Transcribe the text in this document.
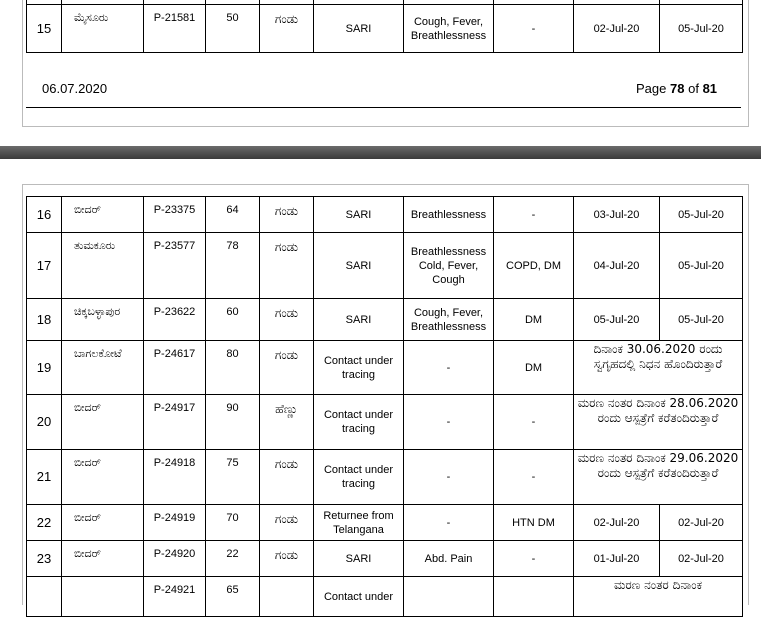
15	ಮೈಸೂರು	P-21581	50	ಗಂಡು	SARI	Cough, Fever, Breathlessness	-	02-Jul-20	05-Jul-20
06.07.2020	Page 78 of 81
16	ಬೀದರ್	P-23375	64	ಗಂಡು	SARI	Breathlessness	-	03-Jul-20	05-Jul-20
17	ತುಮಕೂರು	P-23577	78	ಗಂಡು	SARI	Breathlessness Cold, Fever, Cough	COPD, DM	04-Jul-20	05-Jul-20
18	ಚಿಕ್ಕಬಳ್ಳಾಪುರ	P-23622	60	ಗಂಡು	SARI	Cough, Fever, Breathlessness	DM	05-Jul-20	05-Jul-20
19	ಬಾಗಲಕೋಟೆ	P-24617	80	ಗಂಡು	Contact under tracing	-	DM	ದಿನಾಂಕ 30.06.2020 ರಂದು ಸ್ವಗೃಹದಲ್ಲಿ ನಿಧನ ಹೊಂದಿರುತ್ತಾರೆ	
20	ಬೀದರ್	P-24917	90	ಹೆಣ್ಣು	Contact under tracing	-	-	ಮರಣ ನಂತರ ದಿನಾಂಕ 28.06.2020 ರಂದು ಆಸ್ಪತ್ರೆಗೆ ಕರೆತಂದಿರುತ್ತಾರೆ	
21	ಬೀದರ್	P-24918	75	ಗಂಡು	Contact under tracing	-	-	ಮರಣ ನಂತರ ದಿನಾಂಕ 29.06.2020 ರಂದು ಆಸ್ಪತ್ರೆಗೆ ಕರೆತಂದಿರುತ್ತಾರೆ	
22	ಬೀದರ್	P-24919	70	ಗಂಡು	Returnee from Telangana	-	HTN DM	02-Jul-20	02-Jul-20
23	ಬೀದರ್	P-24920	22	ಗಂಡು	SARI	Abd. Pain	-	01-Jul-20	02-Jul-20
		P-24921	65		Contact under			ಮರಣ ನಂತರ ದಿನಾಂಕ	
